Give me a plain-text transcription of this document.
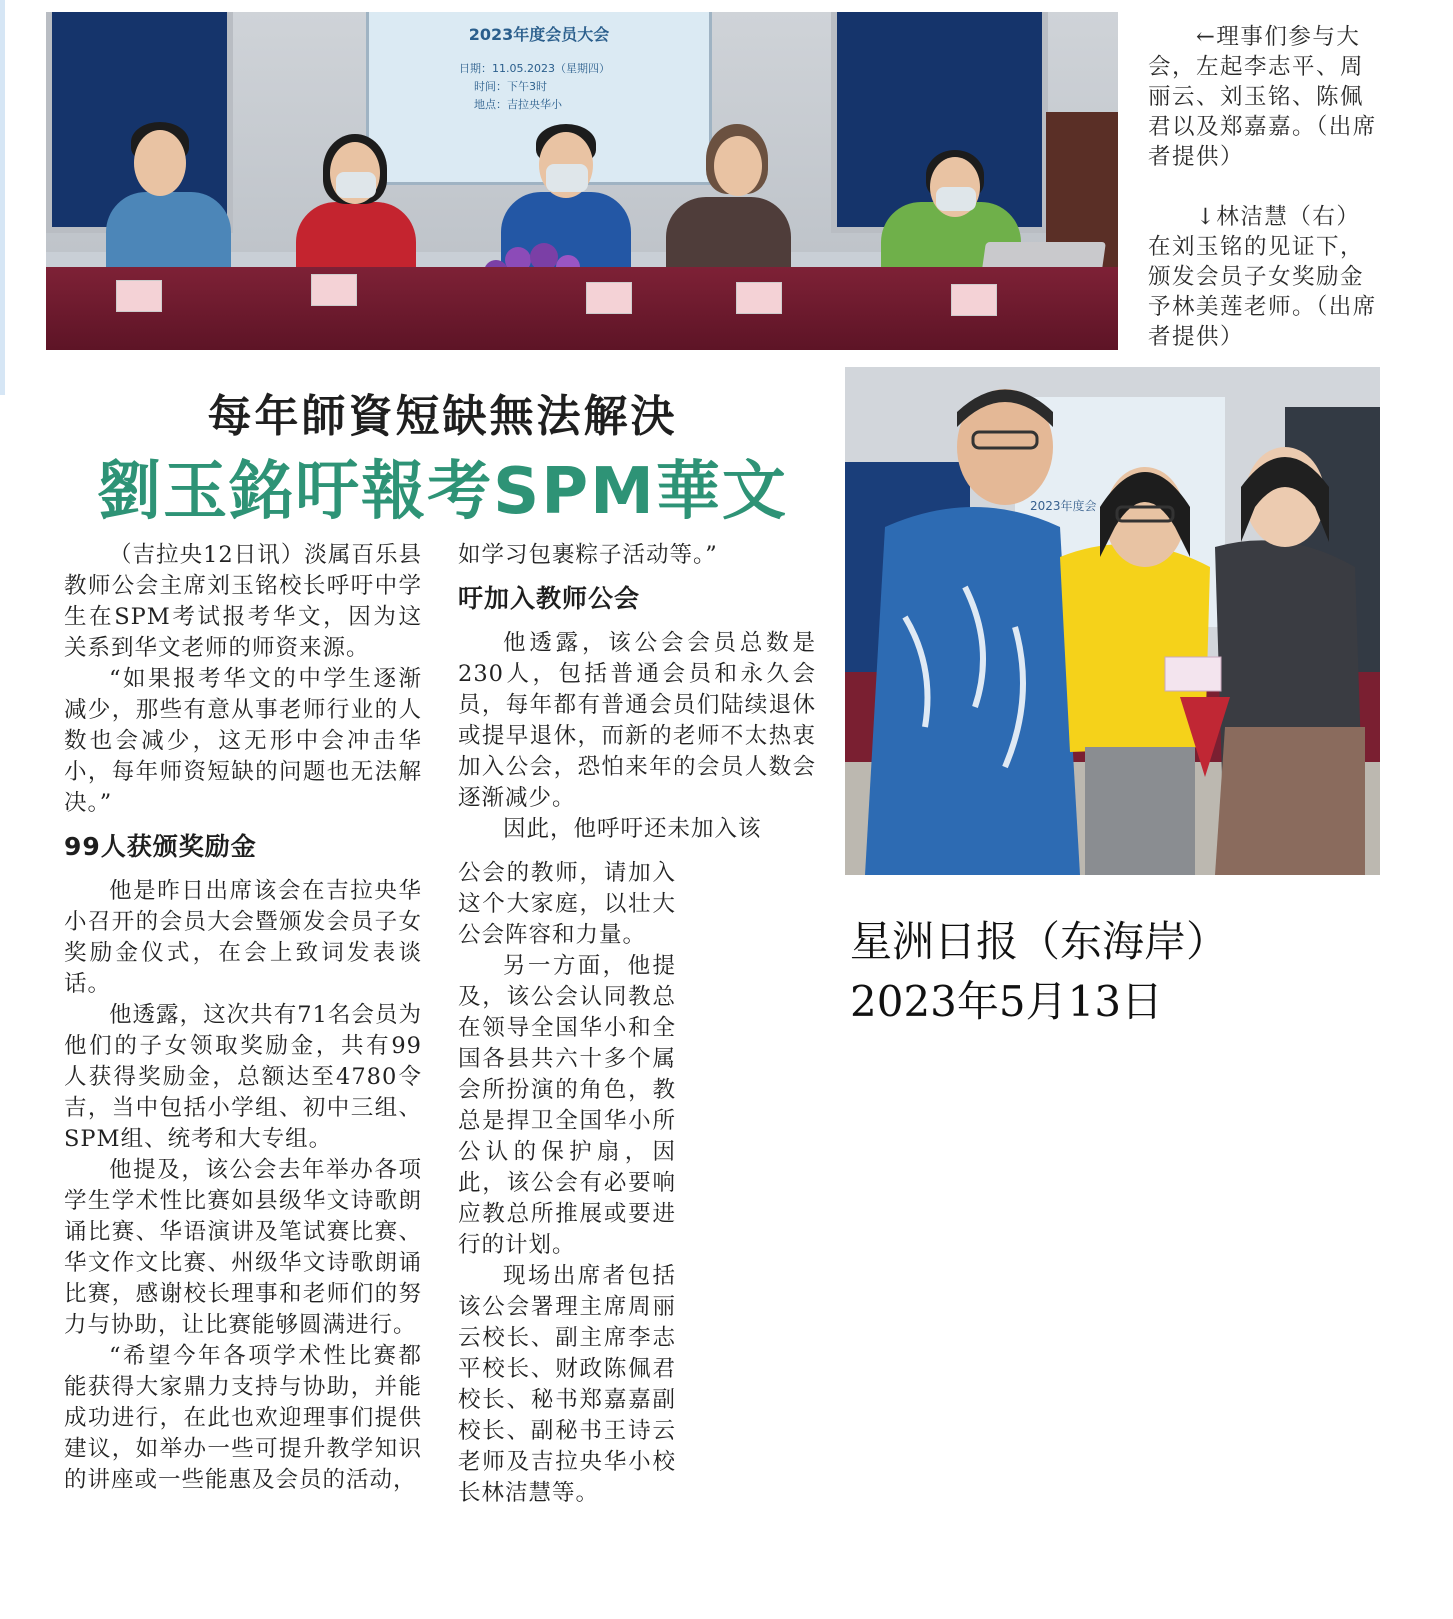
2023年度会员大会
日期：11.05.2023（星期四）
时间：下午3时
地点：吉拉央华小
←理事们参与大会，左起李志平、周丽云、刘玉铭、陈佩君以及郑嘉嘉。（出席者提供）
↓林洁慧（右）在刘玉铭的见证下，颁发会员子女奖励金予林美莲老师。（出席者提供）
2023年度会
每年師資短缺無法解決
劉玉銘吁報考SPM華文

（吉拉央12日讯）淡属百乐县教师公会主席刘玉铭校长呼吁中学生在SPM考试报考华文，因为这关系到华文老师的师资来源。

“如果报考华文的中学生逐渐减少，那些有意从事老师行业的人数也会减少，这无形中会冲击华小，每年师资短缺的问题也无法解决。”

99人获颁奖励金

他是昨日出席该会在吉拉央华小召开的会员大会暨颁发会员子女奖励金仪式，在会上致词发表谈话。

他透露，这次共有71名会员为他们的子女领取奖励金，共有99人获得奖励金，总额达至4780令吉，当中包括小学组、初中三组、SPM组、统考和大专组。

他提及，该公会去年举办各项学生学术性比赛如县级华文诗歌朗诵比赛、华语演讲及笔试赛比赛、华文作文比赛、州级华文诗歌朗诵比赛，感谢校长理事和老师们的努力与协助，让比赛能够圆满进行。

“希望今年各项学术性比赛都能获得大家鼎力支持与协助，并能成功进行，在此也欢迎理事们提供建议，如举办一些可提升教学知识的讲座或一些能惠及会员的活动，

如学习包裹粽子活动等。”

吁加入教师公会

他透露，该公会会员总数是230人，包括普通会员和永久会员，每年都有普通会员们陆续退休或提早退休，而新的老师不太热衷加入公会，恐怕来年的会员人数会逐渐减少。

因此，他呼吁还未加入该

公会的教师，请加入这个大家庭，以壮大公会阵容和力量。

另一方面，他提及，该公会认同教总在领导全国华小和全国各县共六十多个属会所扮演的角色，教总是捍卫全国华小所公认的保护扇，因此，该公会有必要响应教总所推展或要进行的计划。

现场出席者包括该公会署理主席周丽云校长、副主席李志平校长、财政陈佩君校长、秘书郑嘉嘉副校长、副秘书王诗云老师及吉拉央华小校长林洁慧等。

星洲日报（东海岸）
2023年5月13日
